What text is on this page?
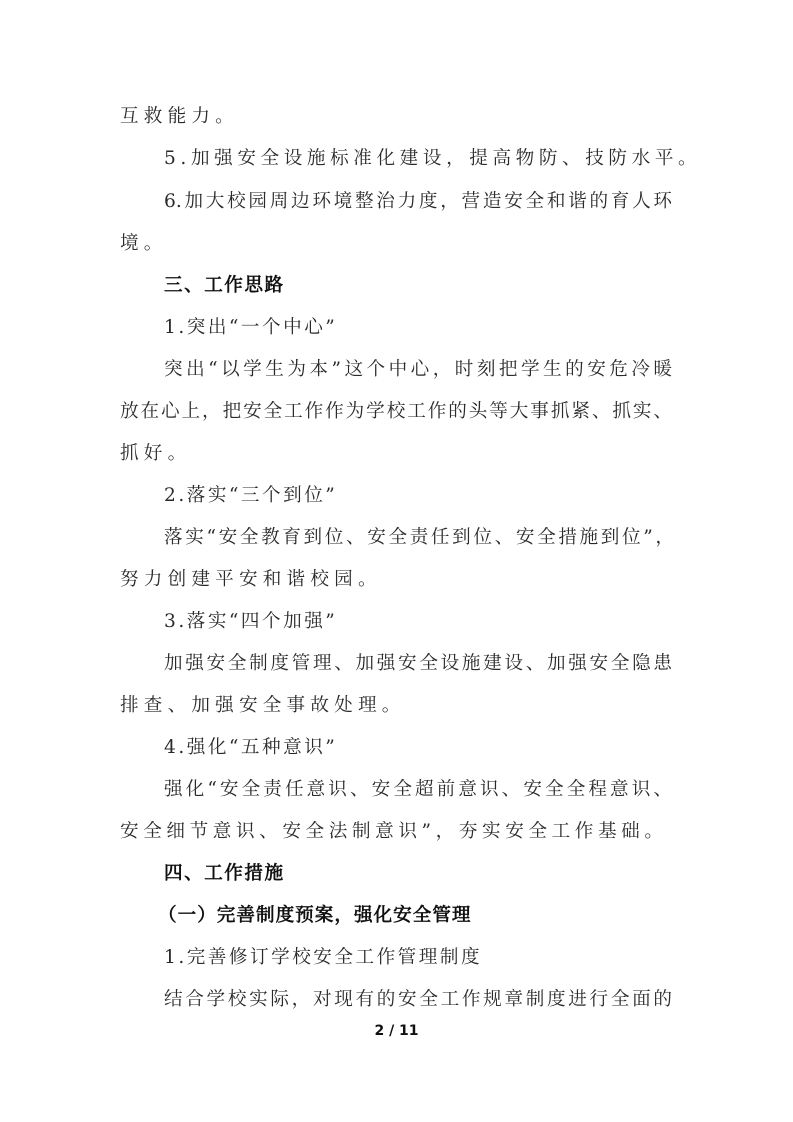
互救能力。
5.加强安全设施标准化建设，提高物防、技防水平。
6.加大校园周边环境整治力度，营造安全和谐的育人环
境。
三、工作思路
1.突出“一个中心”
突出“以学生为本”这个中心，时刻把学生的安危冷暖
放在心上，把安全工作作为学校工作的头等大事抓紧、抓实、
抓好。
2.落实“三个到位”
落实“安全教育到位、安全责任到位、安全措施到位”，
努力创建平安和谐校园。
3.落实“四个加强”
加强安全制度管理、加强安全设施建设、加强安全隐患
排查、加强安全事故处理。
4.强化“五种意识”
强化“安全责任意识、安全超前意识、安全全程意识、
安全细节意识、安全法制意识”，夯实安全工作基础。
四、工作措施
（一）完善制度预案，强化安全管理
1.完善修订学校安全工作管理制度
结合学校实际，对现有的安全工作规章制度进行全面的
2 / 11
